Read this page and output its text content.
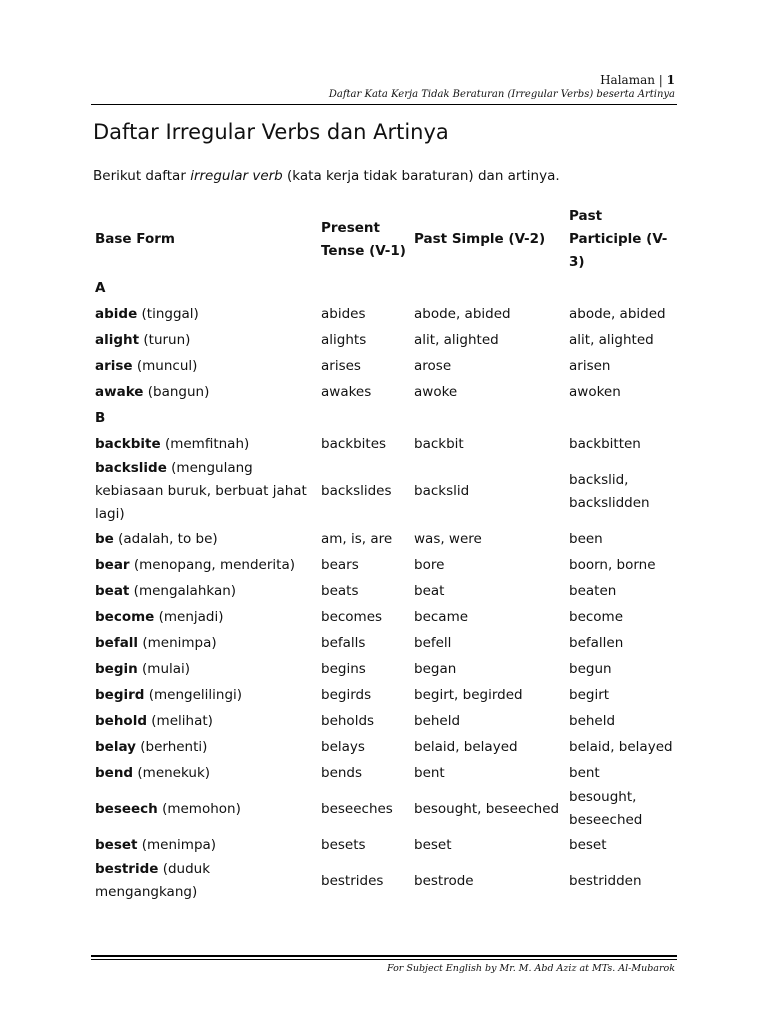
Halaman | 1
Daftar Kata Kerja Tidak Beraturan (Irregular Verbs) beserta Artinya
Daftar Irregular Verbs dan Artinya
Berikut daftar irregular verb (kata kerja tidak baraturan) dan artinya.
Base Form	Present Tense (V-1)	Past Simple (V-2)	Past Participle (V-3)
A			
abide (tinggal)	abides	abode, abided	abode, abided
alight (turun)	alights	alit, alighted	alit, alighted
arise (muncul)	arises	arose	arisen
awake (bangun)	awakes	awoke	awoken
B			
backbite (memfitnah)	backbites	backbit	backbitten
backslide (mengulang kebiasaan buruk, berbuat jahat lagi)	backslides	backslid	backslid, backslidden
be (adalah, to be)	am, is, are	was, were	been
bear (menopang, menderita)	bears	bore	boorn, borne
beat (mengalahkan)	beats	beat	beaten
become (menjadi)	becomes	became	become
befall (menimpa)	befalls	befell	befallen
begin (mulai)	begins	began	begun
begird (mengelilingi)	begirds	begirt, begirded	begirt
behold (melihat)	beholds	beheld	beheld
belay (berhenti)	belays	belaid, belayed	belaid, belayed
bend (menekuk)	bends	bent	bent
beseech (memohon)	beseeches	besought, beseeched	besought, beseeched
beset (menimpa)	besets	beset	beset
bestride (duduk mengangkang)	bestrides	bestrode	bestridden
For Subject English by Mr. M. Abd Aziz at MTs. Al-Mubarok
